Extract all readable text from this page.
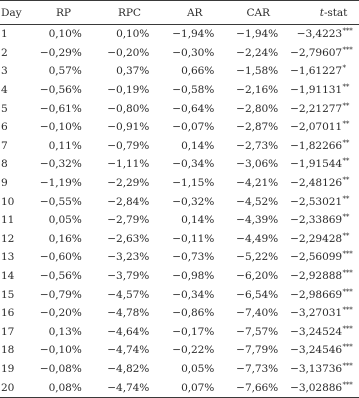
Day	RP	RPC	AR	CAR	t-stat
1	0,10%	0,10%	−1,94%	−1,94%	−3,4223***
2	−0,29%	−0,20%	−0,30%	−2,24%	−2,79607***
3	0,57%	0,37%	0,66%	−1,58%	−1,61227*
4	−0,56%	−0,19%	−0,58%	−2,16%	−1,91131**
5	−0,61%	−0,80%	−0,64%	−2,80%	−2,21277**
6	−0,10%	−0,91%	−0,07%	−2,87%	−2,07011**
7	0,11%	−0,79%	0,14%	−2,73%	−1,82266**
8	−0,32%	−1,11%	−0,34%	−3,06%	−1,91544**
9	−1,19%	−2,29%	−1,15%	−4,21%	−2,48126**
10	−0,55%	−2,84%	−0,32%	−4,52%	−2,53021**
11	0,05%	−2,79%	0,14%	−4,39%	−2,33869**
12	0,16%	−2,63%	−0,11%	−4,49%	−2,29428**
13	−0,60%	−3,23%	−0,73%	−5,22%	−2,56099***
14	−0,56%	−3,79%	−0,98%	−6,20%	−2,92888***
15	−0,79%	−4,57%	−0,34%	−6,54%	−2,98669***
16	−0,20%	−4,78%	−0,86%	−7,40%	−3,27031***
17	0,13%	−4,64%	−0,17%	−7,57%	−3,24524***
18	−0,10%	−4,74%	−0,22%	−7,79%	−3,24546***
19	−0,08%	−4,82%	0,05%	−7,73%	−3,13736***
20	0,08%	−4,74%	0,07%	−7,66%	−3,02886***
